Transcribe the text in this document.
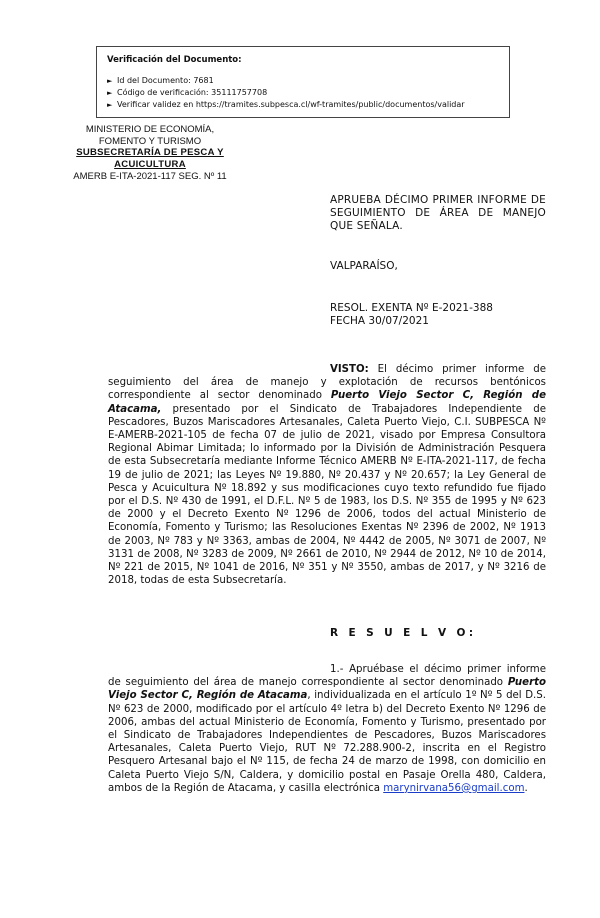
Verificación del Documento:
► Id del Documento: 7681
► Código de verificación: 35111757708
► Verificar validez en https://tramites.subpesca.cl/wf-tramites/public/documentos/validar
MINISTERIO DE ECONOMÍA,
FOMENTO Y TURISMO
SUBSECRETARÍA DE PESCA Y
ACUICULTURA
AMERB E-ITA-2021-117 SEG. Nº 11
APRUEBA DÉCIMO PRIMER INFORME DE SEGUIMIENTO DE ÁREA DE MANEJO QUE SEÑALA.
VALPARAÍSO,
RESOL. EXENTA Nº E-2021-388
FECHA 30/07/2021
VISTO: El décimo primer informe de seguimiento del área de manejo y explotación de recursos bentónicos correspondiente al sector denominado Puerto Viejo Sector C, Región de Atacama, presentado por el Sindicato de Trabajadores Independiente de Pescadores, Buzos Mariscadores Artesanales, Caleta Puerto Viejo, C.I. SUBPESCA Nº E-AMERB-2021-105 de fecha 07 de julio de 2021, visado por Empresa Consultora Regional Abimar Limitada; lo informado por la División de Administración Pesquera de esta Subsecretaría mediante Informe Técnico AMERB Nº E-ITA-2021-117, de fecha 19 de julio de 2021; las Leyes Nº 19.880, Nº 20.437 y Nº 20.657; la Ley General de Pesca y Acuicultura Nº 18.892 y sus modificaciones cuyo texto refundido fue fijado por el D.S. Nº 430 de 1991, el D.F.L. Nº 5 de 1983, los D.S. Nº 355 de 1995 y Nº 623 de 2000 y el Decreto Exento Nº 1296 de 2006, todos del actual Ministerio de Economía, Fomento y Turismo; las Resoluciones Exentas Nº 2396 de 2002, Nº 1913 de 2003, Nº 783 y Nº 3363, ambas de 2004, Nº 4442 de 2005, Nº 3071 de 2007, Nº 3131 de 2008, Nº 3283 de 2009, Nº 2661 de 2010, Nº 2944 de 2012, Nº 10 de 2014, Nº 221 de 2015, Nº 1041 de 2016, Nº 351 y Nº 3550, ambas de 2017, y Nº 3216 de 2018, todas de esta Subsecretaría.
R E S U E L V O:
1.- Apruébase el décimo primer informe de seguimiento del área de manejo correspondiente al sector denominado Puerto Viejo Sector C, Región de Atacama, individualizada en el artículo 1º Nº 5 del D.S. Nº 623 de 2000, modificado por el artículo 4º letra b) del Decreto Exento Nº 1296 de 2006, ambas del actual Ministerio de Economía, Fomento y Turismo, presentado por el Sindicato de Trabajadores Independientes de Pescadores, Buzos Mariscadores Artesanales, Caleta Puerto Viejo, RUT Nº 72.288.900-2, inscrita en el Registro Pesquero Artesanal bajo el Nº 115, de fecha 24 de marzo de 1998, con domicilio en Caleta Puerto Viejo S/N, Caldera, y domicilio postal en Pasaje Orella 480, Caldera, ambos de la Región de Atacama, y casilla electrónica marynirvana56@gmail.com.
